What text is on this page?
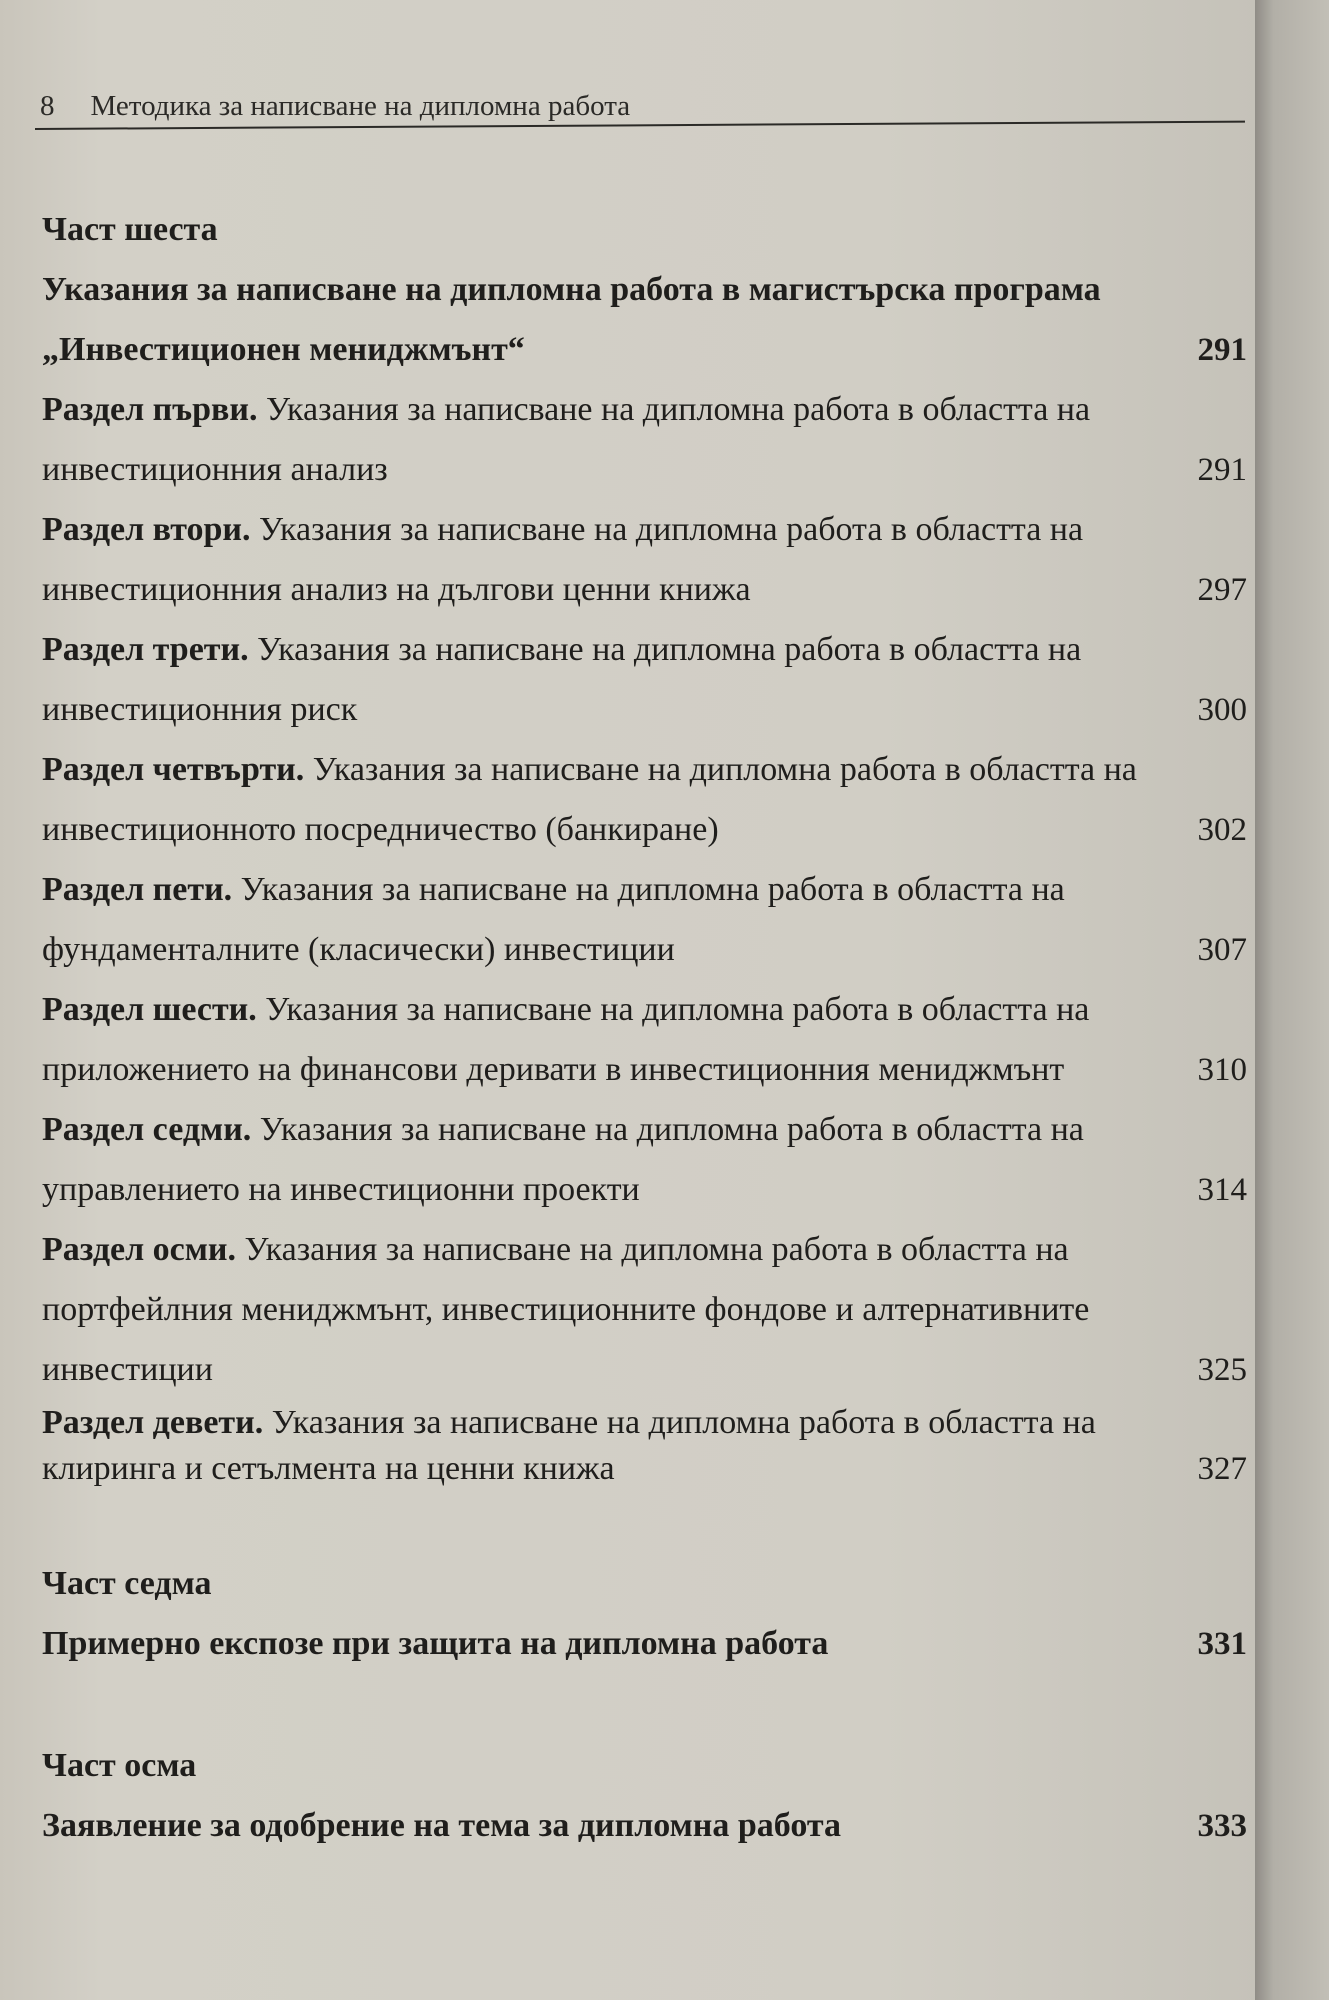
8 Методика за написване на дипломна работа
Част шеста
Указания за написване на дипломна работа в магистърска програма „Инвестиционен мениджмънт“	291
Раздел първи. Указания за написване на дипломна работа в областта на инвестиционния анализ	291
Раздел втори. Указания за написване на дипломна работа в областта на инвестиционния анализ на дългови ценни книжа	297
Раздел трети. Указания за написване на дипломна работа в областта на инвестиционния риск	300
Раздел четвърти. Указания за написване на дипломна работа в областта на инвестиционното посредничество (банкиране)	302
Раздел пети. Указания за написване на дипломна работа в областта на фундаменталните (класически) инвестиции	307
Раздел шести. Указания за написване на дипломна работа в областта на приложението на финансови деривати в инвестиционния мениджмънт	310
Раздел седми. Указания за написване на дипломна работа в областта на управлението на инвестиционни проекти	314
Раздел осми. Указания за написване на дипломна работа в областта на портфейлния мениджмънт, инвестиционните фондове и алтернативните инвестиции	325
Раздел девети. Указания за написване на дипломна работа в областта на клиринга и сетълмента на ценни книжа	327
Част седма
Примерно експозе при защита на дипломна работа	331
Част осма
Заявление за одобрение на тема за дипломна работа	333
